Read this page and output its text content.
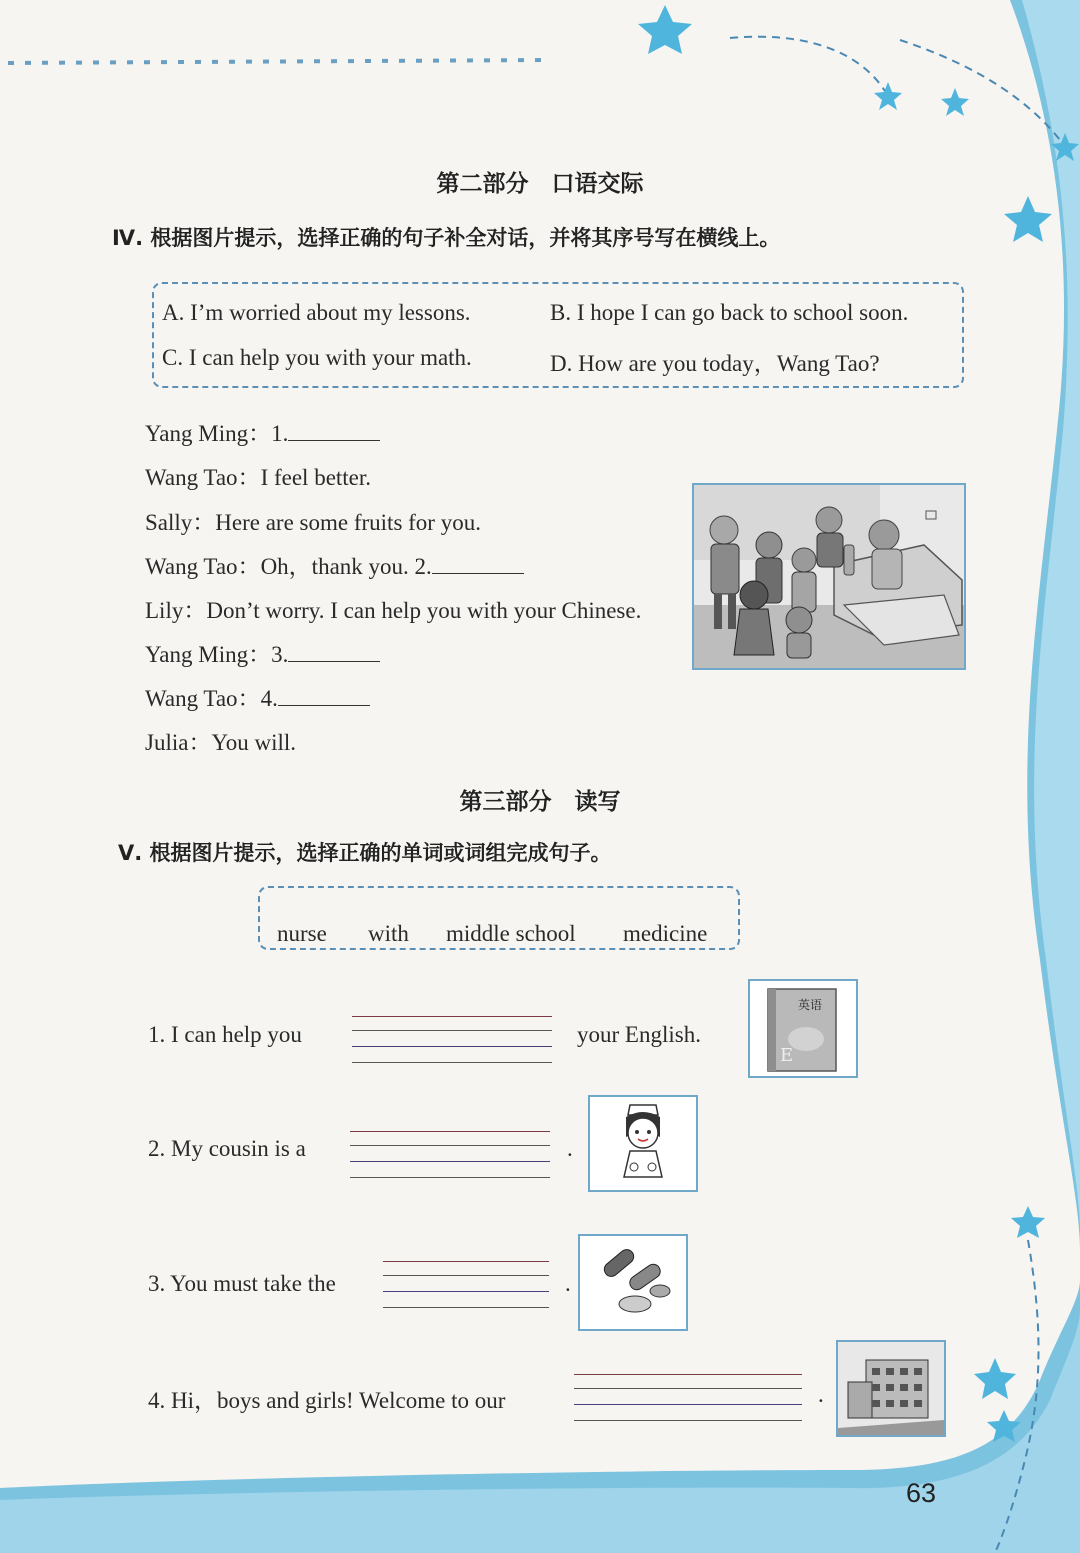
第二部分　口语交际
Ⅳ. 根据图片提示，选择正确的句子补全对话，并将其序号写在横线上。
A. I’m worried about my lessons.	B. I hope I can go back to school soon.
C. I can help you with your math.	D. How are you today，Wang Tao?
Yang Ming：1.
Wang Tao：I feel better.
Sally：Here are some fruits for you.
Wang Tao：Oh，thank you. 2.
Lily：Don’t worry. I can help you with your Chinese.
Yang Ming：3.
Wang Tao：4.
Julia：You will.
第三部分　读写
Ⅴ. 根据图片提示，选择正确的单词或词组完成句子。
nurse with middle school medicine
1. I can help you	your English.
英语
E
2. My cousin is a	.
3. You must take the	.
4. Hi，boys and girls! Welcome to our	.
63
